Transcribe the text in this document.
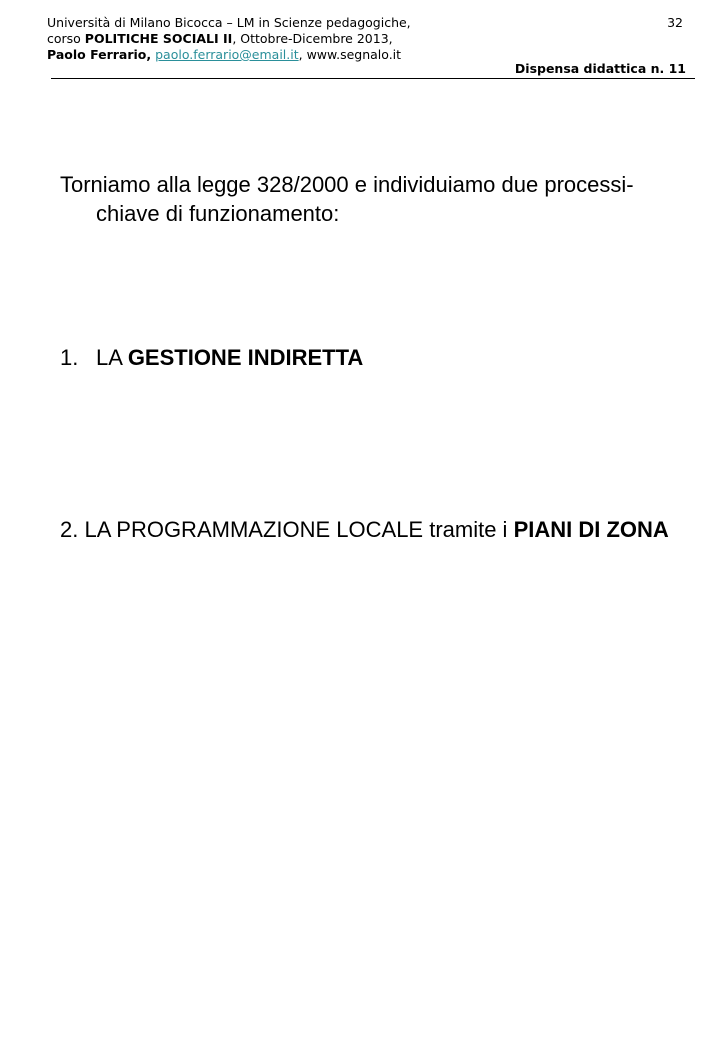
Università di Milano Bicocca – LM in Scienze pedagogiche,
corso POLITICHE SOCIALI II, Ottobre-Dicembre 2013,
Paolo Ferrario, paolo.ferrario@email.it, www.segnalo.it
32
Dispensa didattica n. 11
Torniamo alla legge 328/2000 e individuiamo due processi-chiave di funzionamento:
1. LA GESTIONE INDIRETTA
2. LA PROGRAMMAZIONE LOCALE tramite i PIANI DI ZONA
